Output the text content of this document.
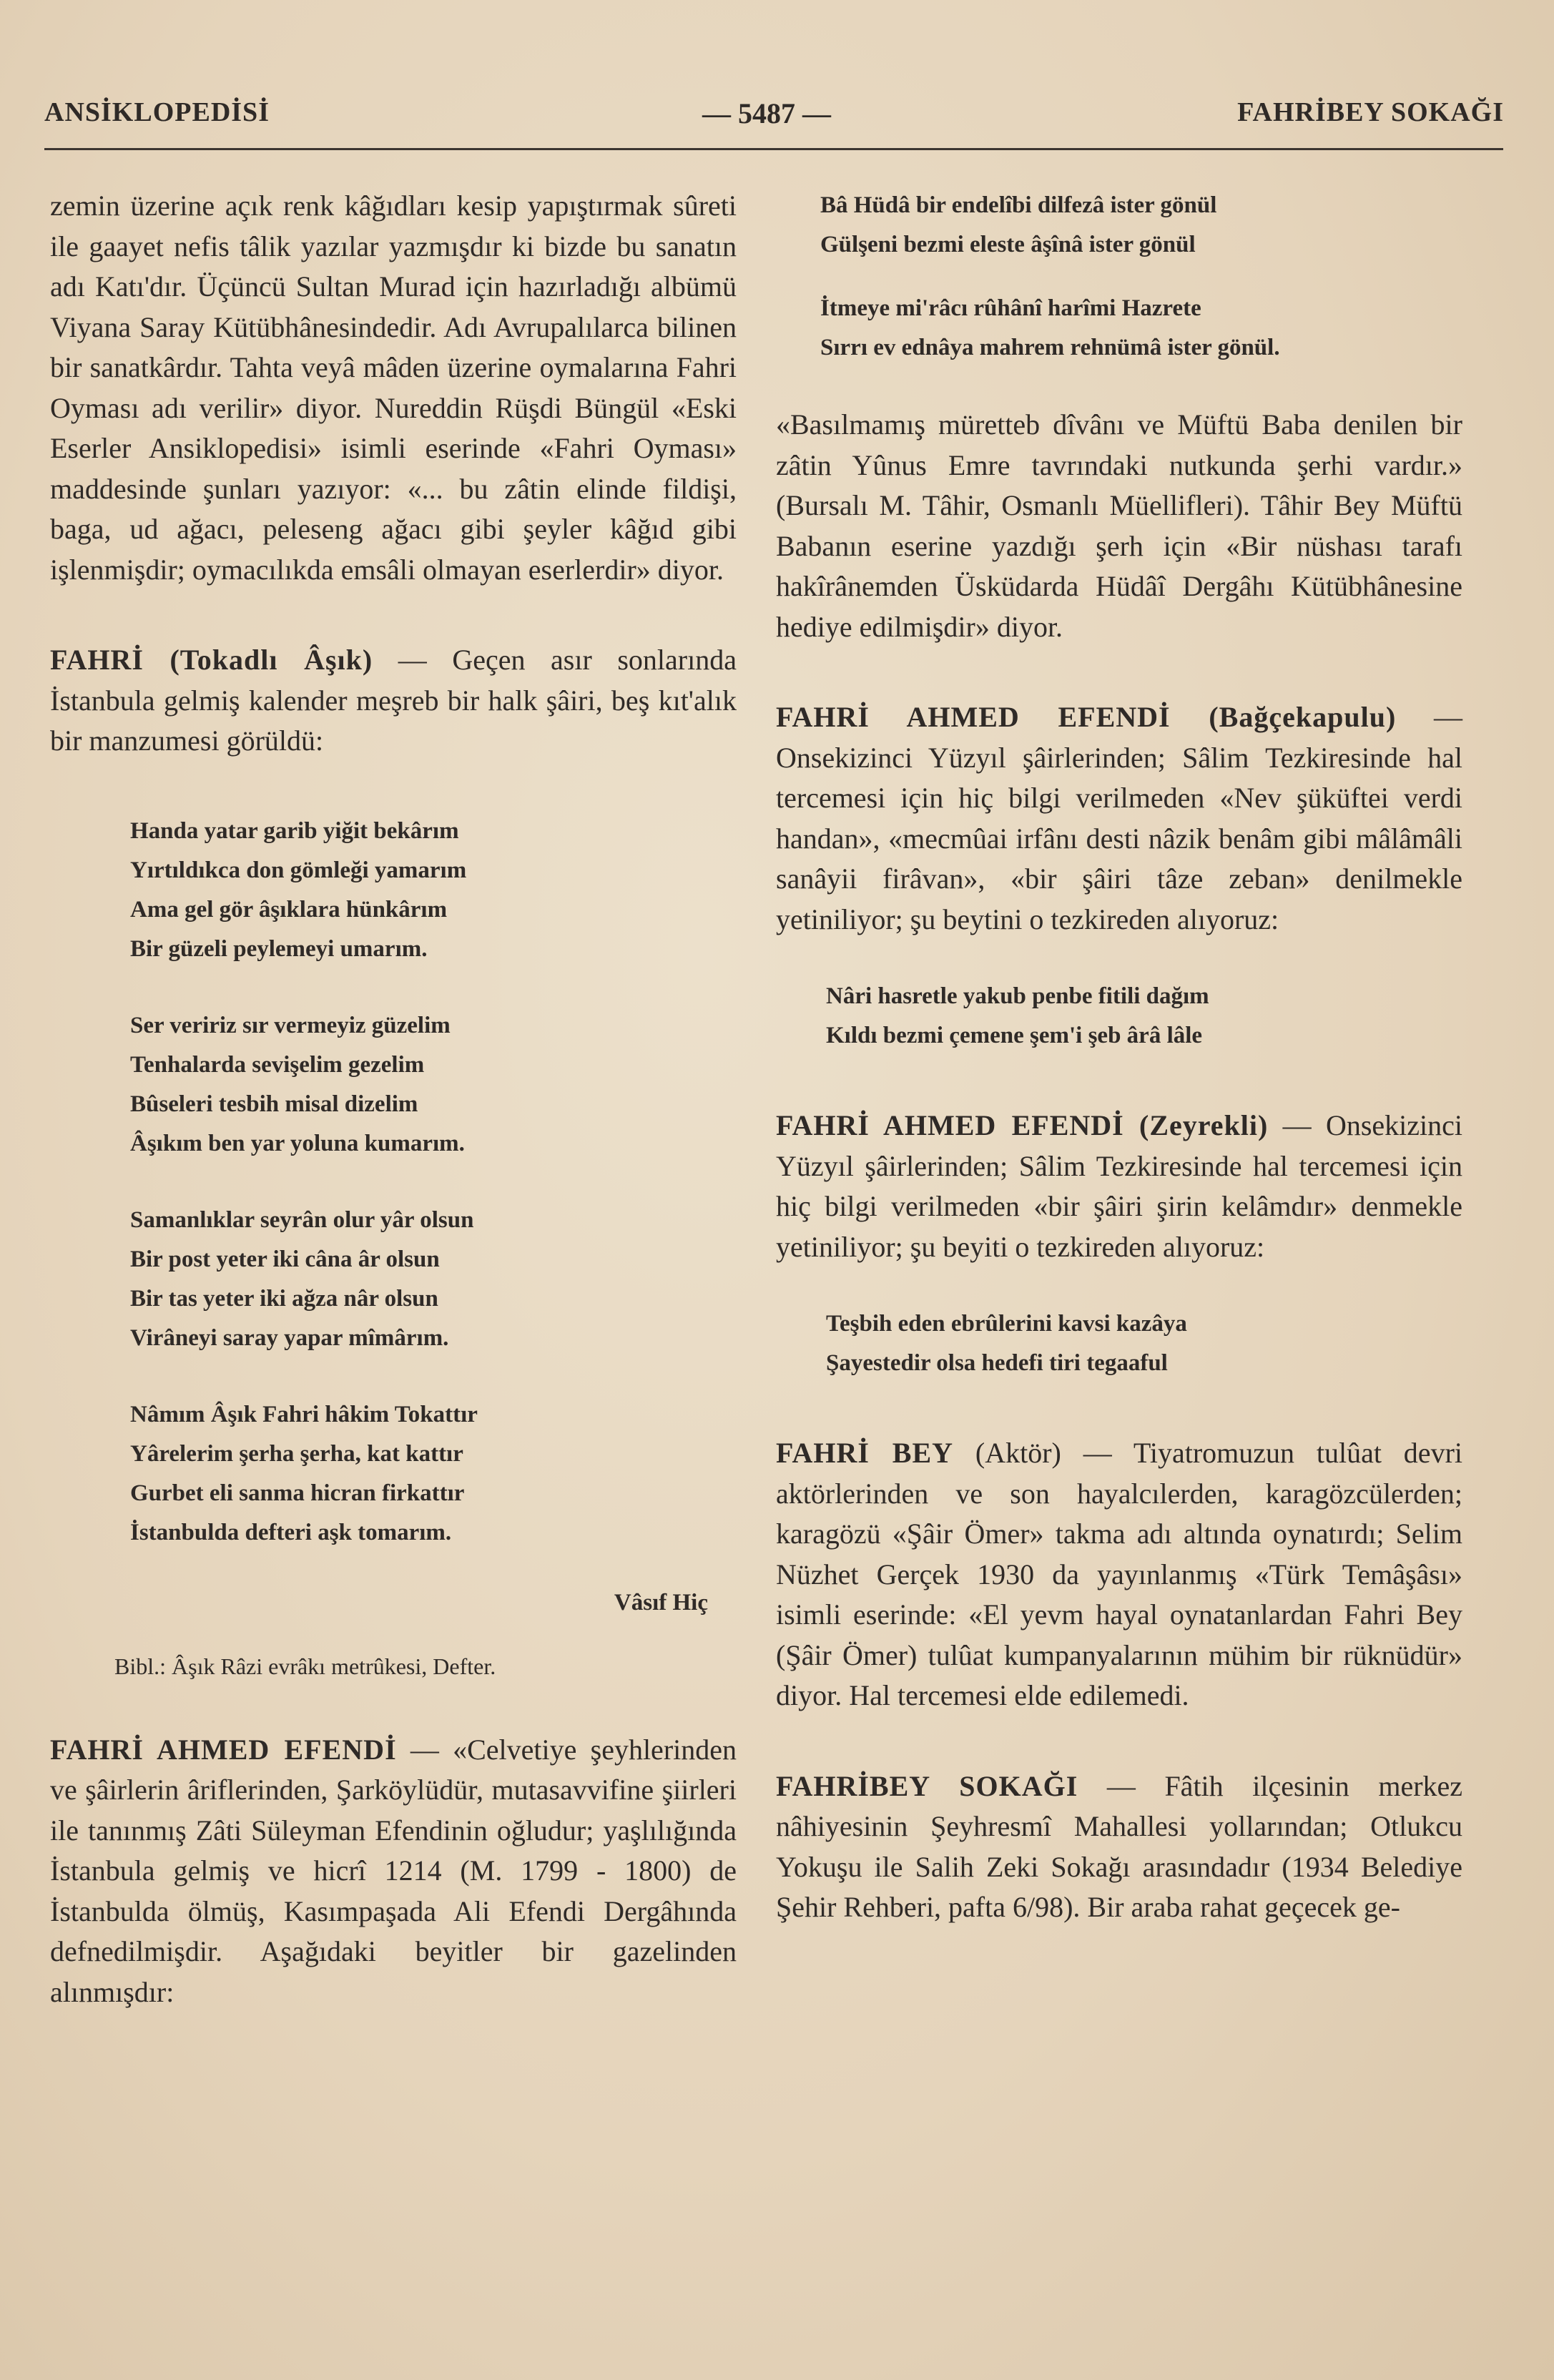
ANSİKLOPEDİSİ	— 5487 —	FAHRİBEY SOKAĞI

zemin üzerine açık renk kâğıdları kesip yapıştırmak sûreti ile gaayet nefis tâlik yazılar yazmışdır ki bizde bu sanatın adı Katı'dır. Üçüncü Sultan Murad için hazırladığı albümü Viyana Saray Kütübhânesindedir. Adı Avrupalılarca bilinen bir sanatkârdır. Tahta veyâ mâden üzerine oymalarına Fahri Oyması adı verilir» diyor. Nureddin Rüşdi Büngül «Eski Eserler Ansiklopedisi» isimli eserinde «Fahri Oyması» maddesinde şunları yazıyor: «... bu zâtin elinde fildişi, baga, ud ağacı, peleseng ağacı gibi şeyler kâğıd gibi işlenmişdir; oymacılıkda emsâli olmayan eserlerdir» diyor.

FAHRİ (Tokadlı Âşık) — Geçen asır sonlarında İstanbula gelmiş kalender meşreb bir halk şâiri, beş kıt'alık bir manzumesi görüldü:

Handa yatar garib yiğit bekârım
Yırtıldıkca don gömleği yamarım
Ama gel gör âşıklara hünkârım
Bir güzeli peylemeyi umarım.
Ser veririz sır vermeyiz güzelim
Tenhalarda sevişelim gezelim
Bûseleri tesbih misal dizelim
Âşıkım ben yar yoluna kumarım.
Samanlıklar seyrân olur yâr olsun
Bir post yeter iki câna âr olsun
Bir tas yeter iki ağza nâr olsun
Virâneyi saray yapar mîmârım.
Nâmım Âşık Fahri hâkim Tokattır
Yârelerim şerha şerha, kat kattır
Gurbet eli sanma hicran firkattır
İstanbulda defteri aşk tomarım.
Vâsıf Hiç
Bibl.: Âşık Râzi evrâkı metrûkesi, Defter.

FAHRİ AHMED EFENDİ — «Celvetiye şeyhlerinden ve şâirlerin âriflerinden, Şarköylüdür, mutasavvifine şiirleri ile tanınmış Zâti Süleyman Efendinin oğludur; yaşlılığında İstanbula gelmiş ve hicrî 1214 (M. 1799 - 1800) de İstanbulda ölmüş, Kasımpaşada Ali Efendi Dergâhında defnedilmişdir. Aşağıdaki beyitler bir gazelinden alınmışdır:

Bâ Hüdâ bir endelîbi dilfezâ ister gönül
Gülşeni bezmi eleste âşînâ ister gönül
İtmeye mi'râcı rûhânî harîmi Hazrete
Sırrı ev ednâya mahrem rehnümâ ister gönül.

«Basılmamış müretteb dîvânı ve Müftü Baba denilen bir zâtin Yûnus Emre tavrındaki nutkunda şerhi vardır.» (Bursalı M. Tâhir, Osmanlı Müellifleri). Tâhir Bey Müftü Babanın eserine yazdığı şerh için «Bir nüshası tarafı hakîrânemden Üsküdarda Hüdâî Dergâhı Kütübhânesine hediye edilmişdir» diyor.

FAHRİ AHMED EFENDİ (Bağçekapulu) — Onsekizinci Yüzyıl şâirlerinden; Sâlim Tezkiresinde hal tercemesi için hiç bilgi verilmeden «Nev şüküftei verdi handan», «mecmûai irfânı desti nâzik benâm gibi mâlâmâli sanâyii firâvan», «bir şâiri tâze zeban» denilmekle yetiniliyor; şu beytini o tezkireden alıyoruz:

Nâri hasretle yakub penbe fitili dağım
Kıldı bezmi çemene şem'i şeb ârâ lâle

FAHRİ AHMED EFENDİ (Zeyrekli) — Onsekizinci Yüzyıl şâirlerinden; Sâlim Tezkiresinde hal tercemesi için hiç bilgi verilmeden «bir şâiri şirin kelâmdır» denmekle yetiniliyor; şu beyiti o tezkireden alıyoruz:

Teşbih eden ebrûlerini kavsi kazâya
Şayestedir olsa hedefi tiri tegaaful

FAHRİ BEY (Aktör) — Tiyatromuzun tulûat devri aktörlerinden ve son hayalcılerden, karagözcülerden; karagözü «Şâir Ömer» takma adı altında oynatırdı; Selim Nüzhet Gerçek 1930 da yayınlanmış «Türk Temâşâsı» isimli eserinde: «El yevm hayal oynatanlardan Fahri Bey (Şâir Ömer) tulûat kumpanyalarının mühim bir rüknüdür» diyor. Hal tercemesi elde edilemedi.

FAHRİBEY SOKAĞI — Fâtih ilçesinin merkez nâhiyesinin Şeyhresmî Mahallesi yollarından; Otlukcu Yokuşu ile Salih Zeki Sokağı arasındadır (1934 Belediye Şehir Rehberi, pafta 6/98). Bir araba rahat geçecek ge-
